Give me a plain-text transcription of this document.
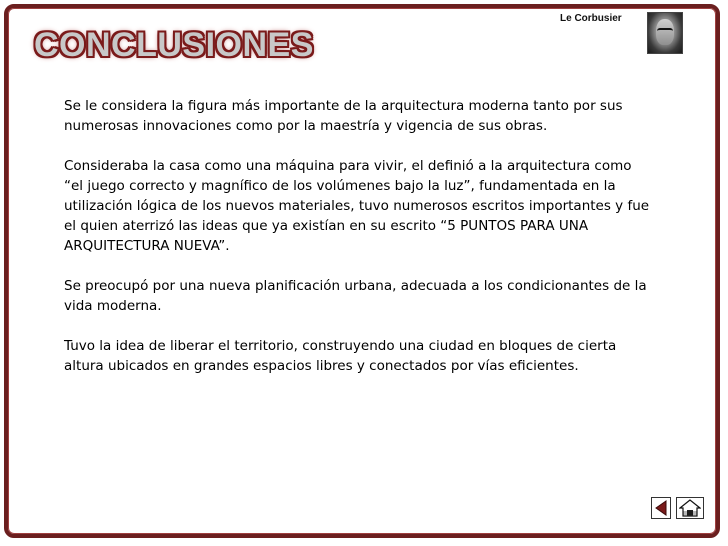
Le Corbusier
CONCLUSIONES

Se le considera la figura más importante de la arquitectura moderna tanto por sus numerosas innovaciones como por la maestría y vigencia de sus obras.

Consideraba la casa como una máquina para vivir, el definió a la arquitectura como “el juego correcto y magnífico de los volúmenes bajo la luz”, fundamentada en la utilización lógica de los nuevos materiales, tuvo numerosos escritos importantes y fue el quien aterrizó las ideas que ya existían en su escrito “5 PUNTOS PARA UNA ARQUITECTURA NUEVA”.

Se preocupó por una nueva planificación urbana, adecuada a los condicionantes de la vida moderna.

Tuvo la idea de liberar el territorio, construyendo una ciudad en bloques de cierta altura ubicados en grandes espacios libres y conectados por vías eficientes.
